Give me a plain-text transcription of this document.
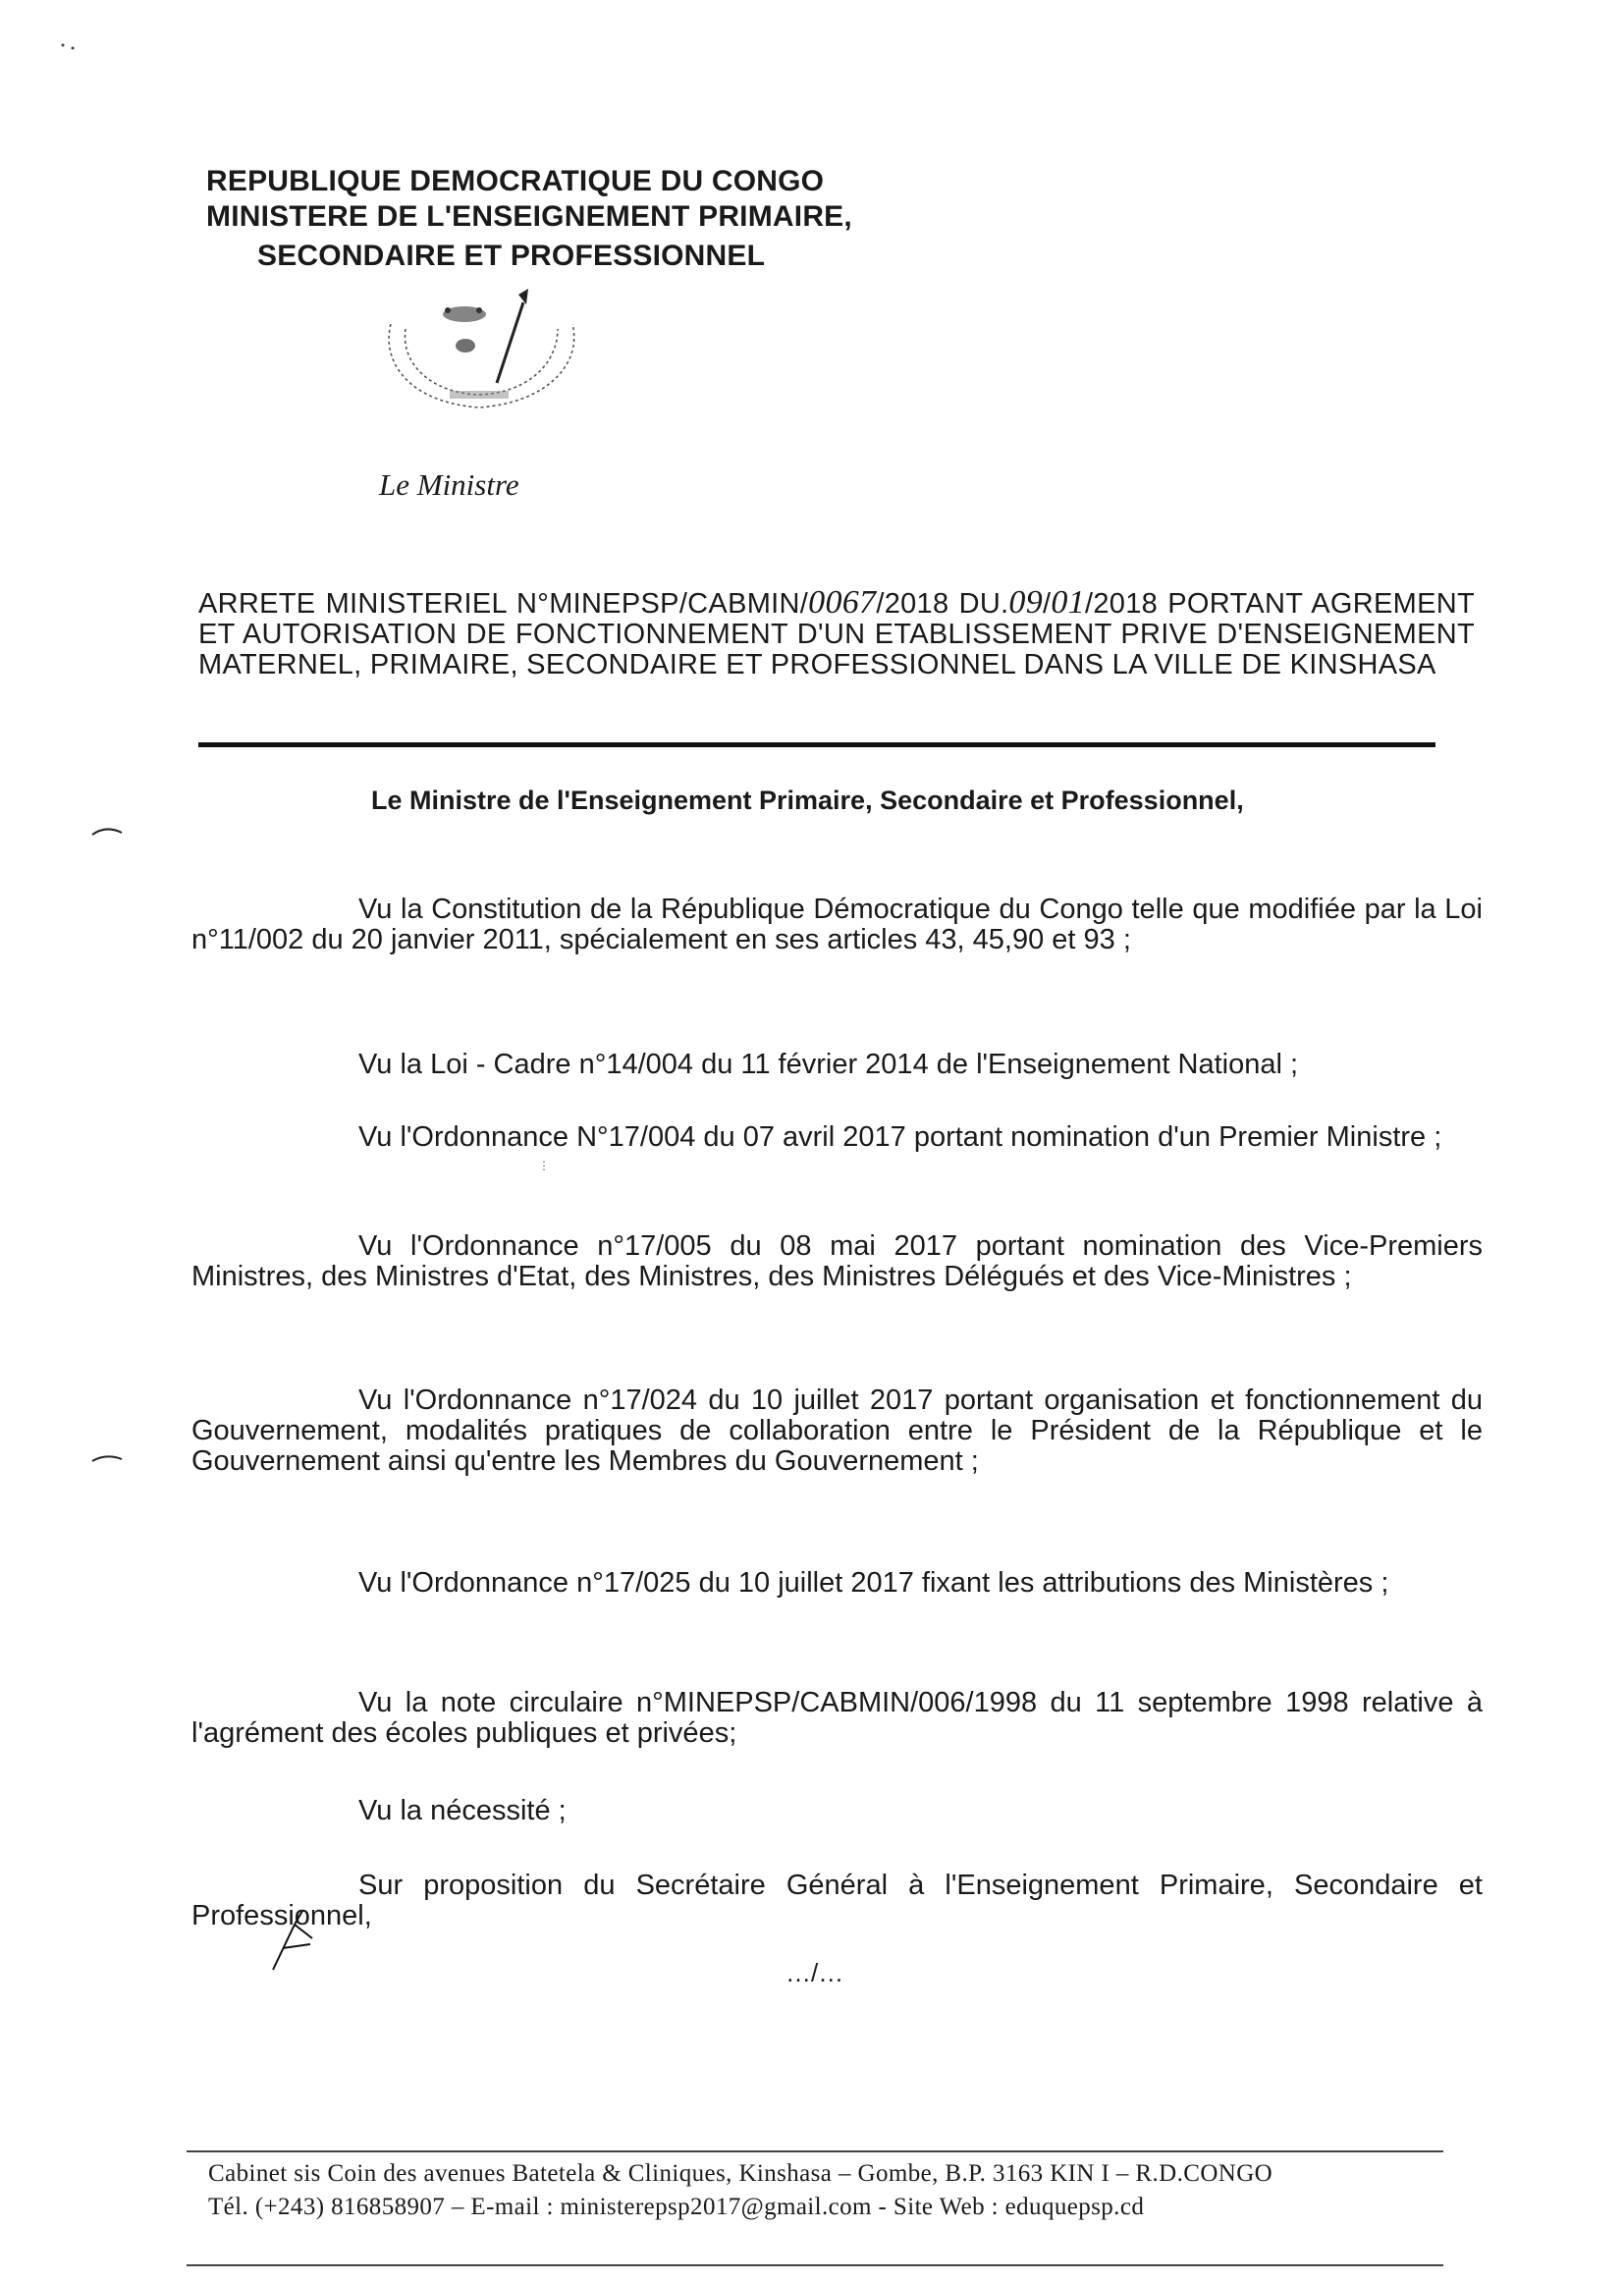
REPUBLIQUE DEMOCRATIQUE DU CONGO
MINISTERE DE L'ENSEIGNEMENT PRIMAIRE,
SECONDAIRE ET PROFESSIONNEL
Le Ministre
ARRETE MINISTERIEL N°MINEPSP/CABMIN/0067/2018 DU.09/01/2018 PORTANT AGREMENT ET AUTORISATION DE FONCTIONNEMENT D'UN ETABLISSEMENT PRIVE D'ENSEIGNEMENT MATERNEL, PRIMAIRE, SECONDAIRE ET PROFESSIONNEL DANS LA VILLE DE KINSHASA
Le Ministre de l'Enseignement Primaire, Secondaire et Professionnel,

Vu la Constitution de la République Démocratique du Congo telle que modifiée par la Loi n°11/002 du 20 janvier 2011, spécialement en ses articles 43, 45,90 et 93 ;

Vu la Loi - Cadre n°14/004 du 11 février 2014 de l'Enseignement National ;

Vu l'Ordonnance N°17/004 du 07 avril 2017 portant nomination d'un Premier Ministre ;

Vu l'Ordonnance n°17/005 du 08 mai 2017 portant nomination des Vice-Premiers Ministres, des Ministres d'Etat, des Ministres, des Ministres Délégués et des Vice-Ministres ;

Vu l'Ordonnance n°17/024 du 10 juillet 2017 portant organisation et fonctionnement du Gouvernement, modalités pratiques de collaboration entre le Président de la République et le Gouvernement ainsi qu'entre les Membres du Gouvernement ;

Vu l'Ordonnance n°17/025 du 10 juillet 2017 fixant les attributions des Ministères ;

Vu la note circulaire n°MINEPSP/CABMIN/006/1998 du 11 septembre 1998 relative à l'agrément des écoles publiques et privées;

Vu la nécessité ;

Sur proposition du Secrétaire Général à l'Enseignement Primaire, Secondaire et Professionnel,

…/…
⋮
Cabinet sis Coin des avenues Batetela & Cliniques, Kinshasa – Gombe, B.P. 3163 KIN I – R.D.CONGO
Tél. (+243) 816858907 – E-mail : ministerepsp2017@gmail.com - Site Web : eduquepsp.cd
